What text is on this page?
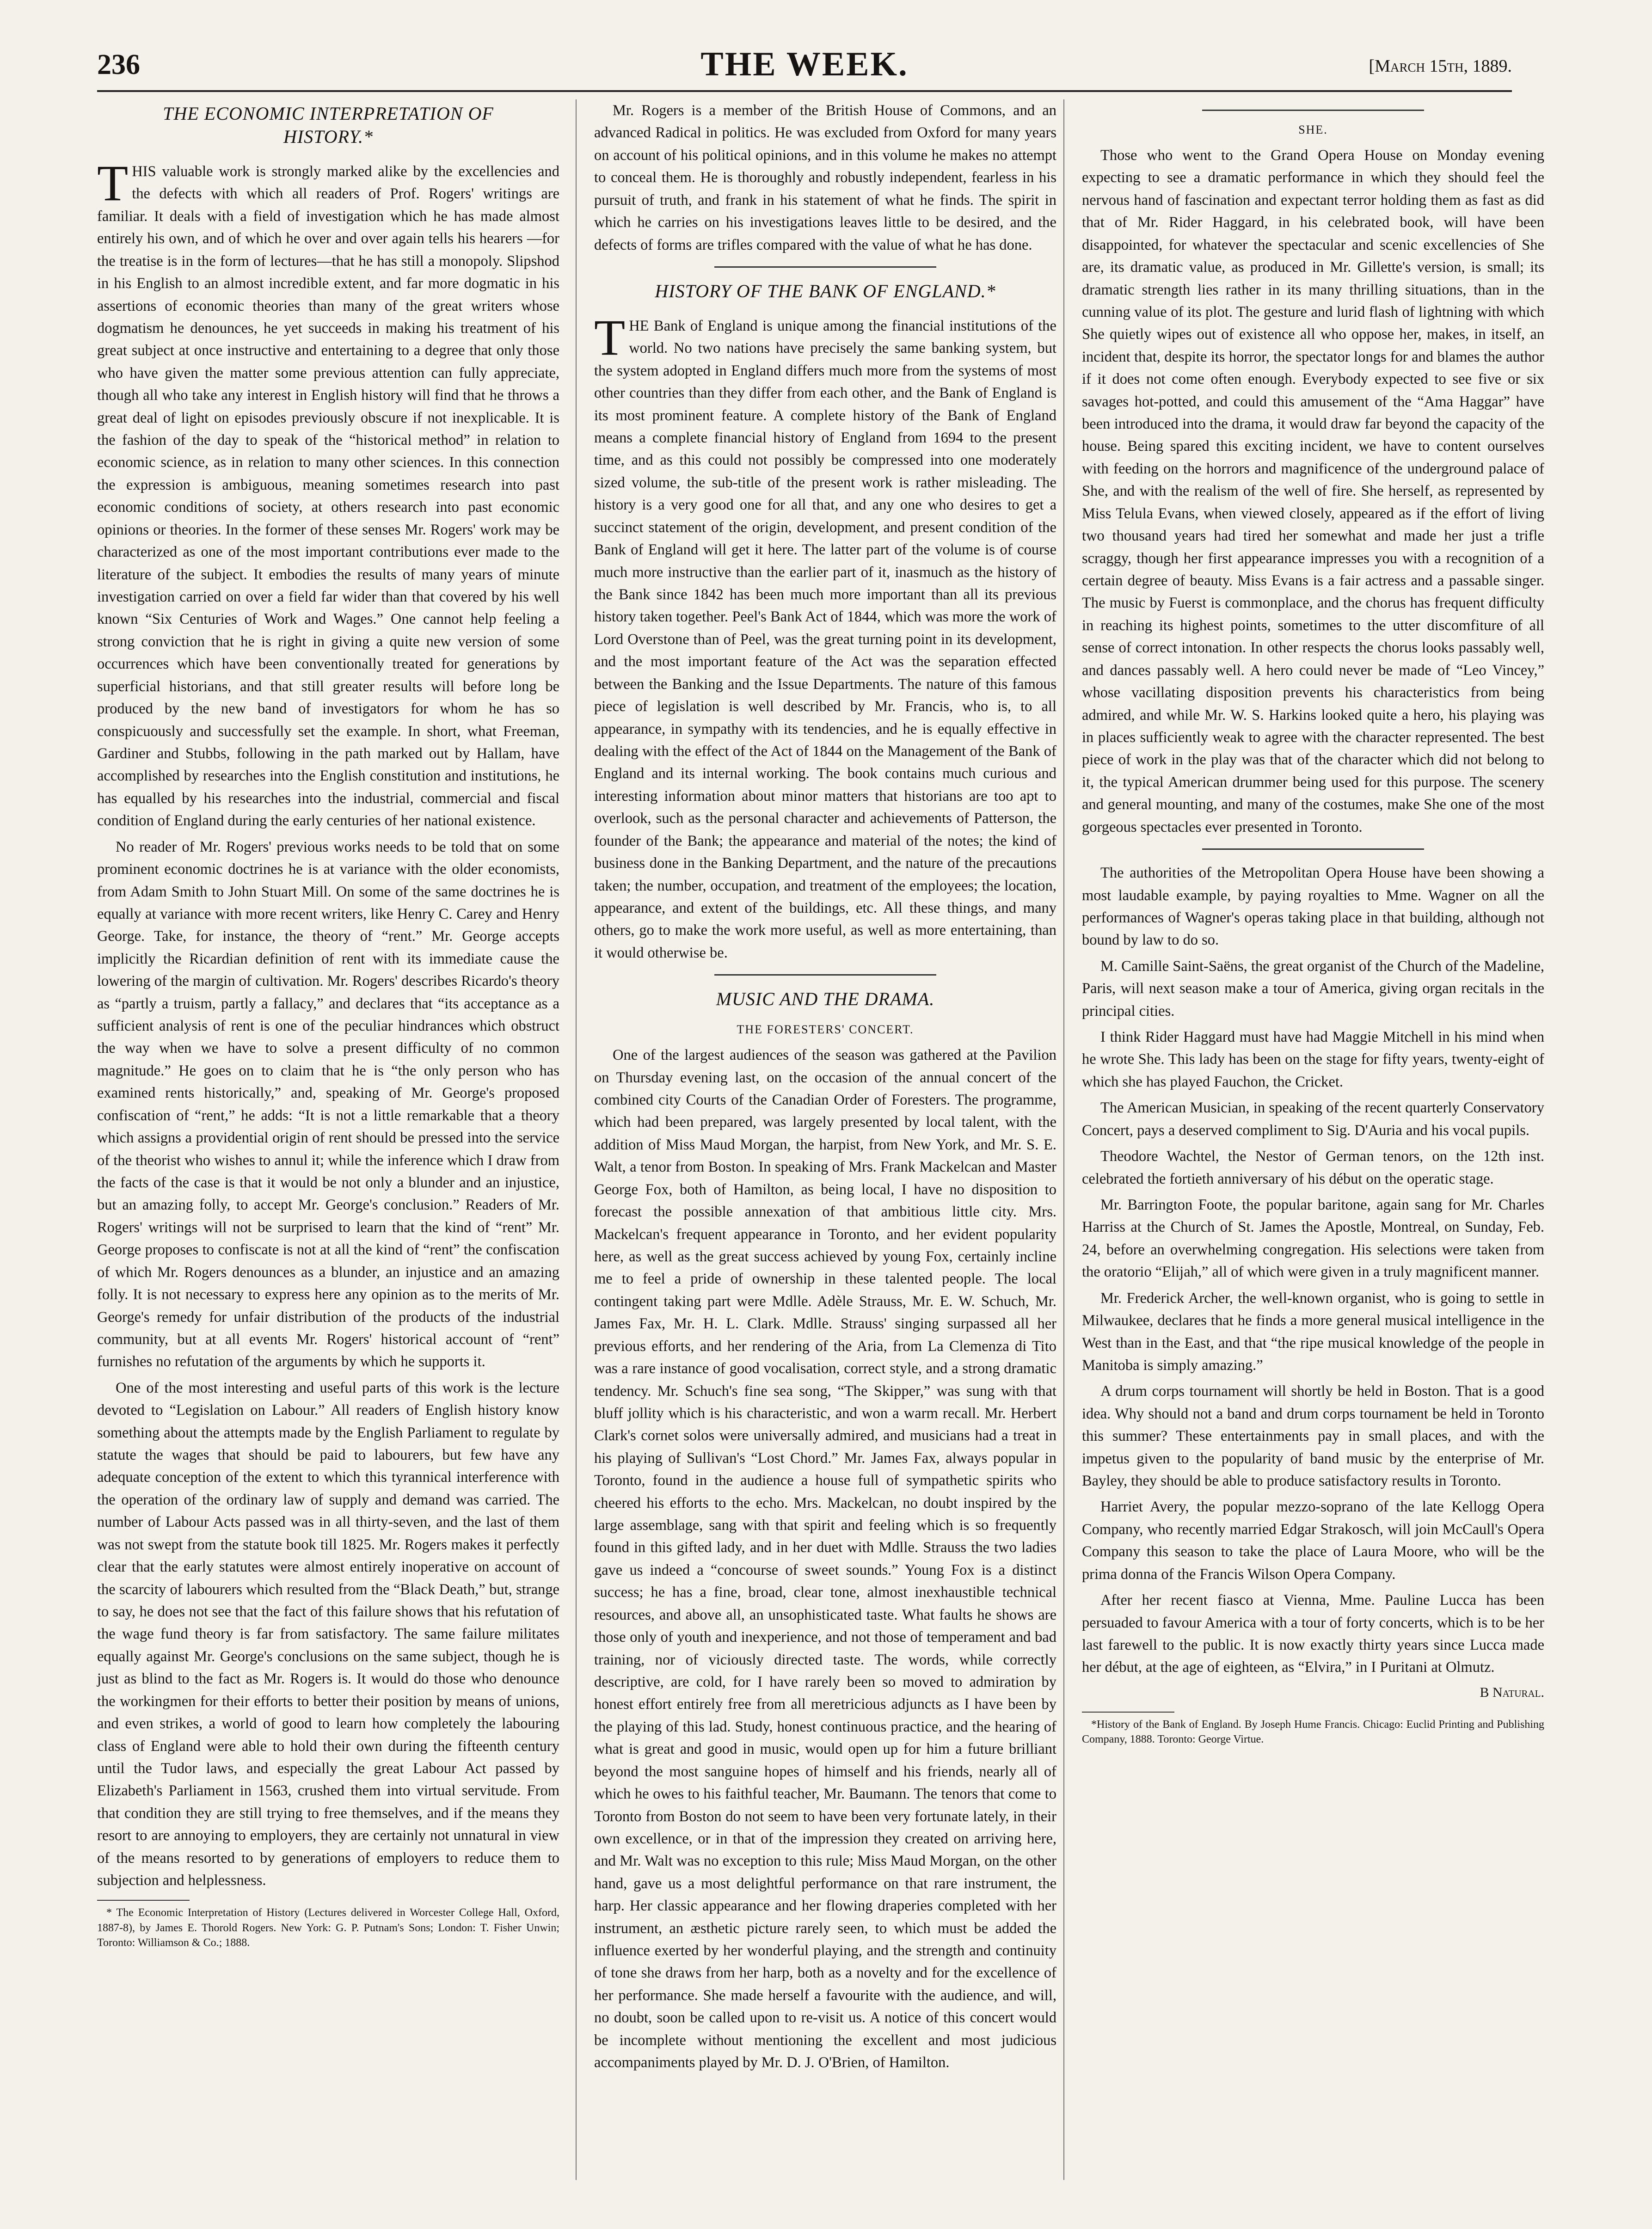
236	THE WEEK.	[March 15th, 1889.
THE ECONOMIC INTERPRETATION OF HISTORY.*

THIS valuable work is strongly marked alike by the excellencies and the defects with which all readers of Prof. Rogers' writings are familiar. It deals with a field of investigation which he has made almost entirely his own, and of which he over and over again tells his hearers —for the treatise is in the form of lectures—that he has still a monopoly. Slipshod in his English to an almost incredible extent, and far more dogmatic in his assertions of economic theories than many of the great writers whose dogmatism he denounces, he yet succeeds in making his treatment of his great subject at once instructive and entertaining to a degree that only those who have given the matter some previous attention can fully appreciate, though all who take any interest in English history will find that he throws a great deal of light on episodes previously obscure if not inexplicable. It is the fashion of the day to speak of the “historical method” in relation to economic science, as in relation to many other sciences. In this connection the expression is ambiguous, meaning sometimes research into past economic conditions of society, at others research into past economic opinions or theories. In the former of these senses Mr. Rogers' work may be characterized as one of the most important contributions ever made to the literature of the subject. It embodies the results of many years of minute investigation carried on over a field far wider than that covered by his well known “Six Centuries of Work and Wages.” One cannot help feeling a strong conviction that he is right in giving a quite new version of some occurrences which have been conventionally treated for generations by superficial historians, and that still greater results will before long be produced by the new band of investigators for whom he has so conspicuously and successfully set the example. In short, what Freeman, Gardiner and Stubbs, following in the path marked out by Hallam, have accomplished by researches into the English constitution and institutions, he has equalled by his researches into the industrial, commercial and fiscal condition of England during the early centuries of her national existence.

No reader of Mr. Rogers' previous works needs to be told that on some prominent economic doctrines he is at variance with the older economists, from Adam Smith to John Stuart Mill. On some of the same doctrines he is equally at variance with more recent writers, like Henry C. Carey and Henry George. Take, for instance, the theory of “rent.” Mr. George accepts implicitly the Ricardian definition of rent with its immediate cause the lowering of the margin of cultivation. Mr. Rogers' describes Ricardo's theory as “partly a truism, partly a fallacy,” and declares that “its acceptance as a sufficient analysis of rent is one of the peculiar hindrances which obstruct the way when we have to solve a present difficulty of no common magnitude.” He goes on to claim that he is “the only person who has examined rents historically,” and, speaking of Mr. George's proposed confiscation of “rent,” he adds: “It is not a little remarkable that a theory which assigns a providential origin of rent should be pressed into the service of the theorist who wishes to annul it; while the inference which I draw from the facts of the case is that it would be not only a blunder and an injustice, but an amazing folly, to accept Mr. George's conclusion.” Readers of Mr. Rogers' writings will not be surprised to learn that the kind of “rent” Mr. George proposes to confiscate is not at all the kind of “rent” the confiscation of which Mr. Rogers denounces as a blunder, an injustice and an amazing folly. It is not necessary to express here any opinion as to the merits of Mr. George's remedy for unfair distribution of the products of the industrial community, but at all events Mr. Rogers' historical account of “rent” furnishes no refutation of the arguments by which he supports it.

One of the most interesting and useful parts of this work is the lecture devoted to “Legislation on Labour.” All readers of English history know something about the attempts made by the English Parliament to regulate by statute the wages that should be paid to labourers, but few have any adequate conception of the extent to which this tyrannical interference with the operation of the ordinary law of supply and demand was carried. The number of Labour Acts passed was in all thirty-seven, and the last of them was not swept from the statute book till 1825. Mr. Rogers makes it perfectly clear that the early statutes were almost entirely inoperative on account of the scarcity of labourers which resulted from the “Black Death,” but, strange to say, he does not see that the fact of this failure shows that his refutation of the wage fund theory is far from satisfactory. The same failure militates equally against Mr. George's conclusions on the same subject, though he is just as blind to the fact as Mr. Rogers is. It would do those who denounce the workingmen for their efforts to better their position by means of unions, and even strikes, a world of good to learn how completely the labouring class of England were able to hold their own during the fifteenth century until the Tudor laws, and especially the great Labour Act passed by Elizabeth's Parliament in 1563, crushed them into virtual servitude. From that condition they are still trying to free themselves, and if the means they resort to are annoying to employers, they are certainly not unnatural in view of the means resorted to by generations of employers to reduce them to subjection and helplessness.

* The Economic Interpretation of History (Lectures delivered in Worcester College Hall, Oxford, 1887-8), by James E. Thorold Rogers. New York: G. P. Putnam's Sons; London: T. Fisher Unwin; Toronto: Williamson & Co.; 1888.

Mr. Rogers is a member of the British House of Commons, and an advanced Radical in politics. He was excluded from Oxford for many years on account of his political opinions, and in this volume he makes no attempt to conceal them. He is thoroughly and robustly independent, fearless in his pursuit of truth, and frank in his statement of what he finds. The spirit in which he carries on his investigations leaves little to be desired, and the defects of forms are trifles compared with the value of what he has done.

HISTORY OF THE BANK OF ENGLAND.*

THE Bank of England is unique among the financial institutions of the world. No two nations have precisely the same banking system, but the system adopted in England differs much more from the systems of most other countries than they differ from each other, and the Bank of England is its most prominent feature. A complete history of the Bank of England means a complete financial history of England from 1694 to the present time, and as this could not possibly be compressed into one moderately sized volume, the sub-title of the present work is rather misleading. The history is a very good one for all that, and any one who desires to get a succinct statement of the origin, development, and present condition of the Bank of England will get it here. The latter part of the volume is of course much more instructive than the earlier part of it, inasmuch as the history of the Bank since 1842 has been much more important than all its previous history taken together. Peel's Bank Act of 1844, which was more the work of Lord Overstone than of Peel, was the great turning point in its development, and the most important feature of the Act was the separation effected between the Banking and the Issue Departments. The nature of this famous piece of legislation is well described by Mr. Francis, who is, to all appearance, in sympathy with its tendencies, and he is equally effective in dealing with the effect of the Act of 1844 on the Management of the Bank of England and its internal working. The book contains much curious and interesting information about minor matters that historians are too apt to overlook, such as the personal character and achievements of Patterson, the founder of the Bank; the appearance and material of the notes; the kind of business done in the Banking Department, and the nature of the precautions taken; the number, occupation, and treatment of the employees; the location, appearance, and extent of the buildings, etc. All these things, and many others, go to make the work more useful, as well as more entertaining, than it would otherwise be.

MUSIC AND THE DRAMA.
THE FORESTERS' CONCERT.

One of the largest audiences of the season was gathered at the Pavilion on Thursday evening last, on the occasion of the annual concert of the combined city Courts of the Canadian Order of Foresters. The programme, which had been prepared, was largely presented by local talent, with the addition of Miss Maud Morgan, the harpist, from New York, and Mr. S. E. Walt, a tenor from Boston. In speaking of Mrs. Frank Mackelcan and Master George Fox, both of Hamilton, as being local, I have no disposition to forecast the possible annexation of that ambitious little city. Mrs. Mackelcan's frequent appearance in Toronto, and her evident popularity here, as well as the great success achieved by young Fox, certainly incline me to feel a pride of ownership in these talented people. The local contingent taking part were Mdlle. Adèle Strauss, Mr. E. W. Schuch, Mr. James Fax, Mr. H. L. Clark. Mdlle. Strauss' singing surpassed all her previous efforts, and her rendering of the Aria, from La Clemenza di Tito was a rare instance of good vocalisation, correct style, and a strong dramatic tendency. Mr. Schuch's fine sea song, “The Skipper,” was sung with that bluff jollity which is his characteristic, and won a warm recall. Mr. Herbert Clark's cornet solos were universally admired, and musicians had a treat in his playing of Sullivan's “Lost Chord.” Mr. James Fax, always popular in Toronto, found in the audience a house full of sympathetic spirits who cheered his efforts to the echo. Mrs. Mackelcan, no doubt inspired by the large assemblage, sang with that spirit and feeling which is so frequently found in this gifted lady, and in her duet with Mdlle. Strauss the two ladies gave us indeed a “concourse of sweet sounds.” Young Fox is a distinct success; he has a fine, broad, clear tone, almost inexhaustible technical resources, and above all, an unsophisticated taste. What faults he shows are those only of youth and inexperience, and not those of temperament and bad training, nor of viciously directed taste. The words, while correctly descriptive, are cold, for I have rarely been so moved to admiration by honest effort entirely free from all meretricious adjuncts as I have been by the playing of this lad. Study, honest continuous practice, and the hearing of what is great and good in music, would open up for him a future brilliant beyond the most sanguine hopes of himself and his friends, nearly all of which he owes to his faithful teacher, Mr. Baumann. The tenors that come to Toronto from Boston do not seem to have been very fortunate lately, in their own excellence, or in that of the impression they created on arriving here, and Mr. Walt was no exception to this rule; Miss Maud Morgan, on the other hand, gave us a most delightful performance on that rare instrument, the harp. Her classic appearance and her flowing draperies completed with her instrument, an æsthetic picture rarely seen, to which must be added the influence exerted by her wonderful playing, and the strength and continuity of tone she draws from her harp, both as a novelty and for the excellence of her performance. She made herself a favourite with the audience, and will, no doubt, soon be called upon to re-visit us. A notice of this concert would be incomplete without mentioning the excellent and most judicious accompaniments played by Mr. D. J. O'Brien, of Hamilton.

SHE.

Those who went to the Grand Opera House on Monday evening expecting to see a dramatic performance in which they should feel the nervous hand of fascination and expectant terror holding them as fast as did that of Mr. Rider Haggard, in his celebrated book, will have been disappointed, for whatever the spectacular and scenic excellencies of She are, its dramatic value, as produced in Mr. Gillette's version, is small; its dramatic strength lies rather in its many thrilling situations, than in the cunning value of its plot. The gesture and lurid flash of lightning with which She quietly wipes out of existence all who oppose her, makes, in itself, an incident that, despite its horror, the spectator longs for and blames the author if it does not come often enough. Everybody expected to see five or six savages hot-potted, and could this amusement of the “Ama Haggar” have been introduced into the drama, it would draw far beyond the capacity of the house. Being spared this exciting incident, we have to content ourselves with feeding on the horrors and magnificence of the underground palace of She, and with the realism of the well of fire. She herself, as represented by Miss Telula Evans, when viewed closely, appeared as if the effort of living two thousand years had tired her somewhat and made her just a trifle scraggy, though her first appearance impresses you with a recognition of a certain degree of beauty. Miss Evans is a fair actress and a passable singer. The music by Fuerst is commonplace, and the chorus has frequent difficulty in reaching its highest points, sometimes to the utter discomfiture of all sense of correct intonation. In other respects the chorus looks passably well, and dances passably well. A hero could never be made of “Leo Vincey,” whose vacillating disposition prevents his characteristics from being admired, and while Mr. W. S. Harkins looked quite a hero, his playing was in places sufficiently weak to agree with the character represented. The best piece of work in the play was that of the character which did not belong to it, the typical American drummer being used for this purpose. The scenery and general mounting, and many of the costumes, make She one of the most gorgeous spectacles ever presented in Toronto.

The authorities of the Metropolitan Opera House have been showing a most laudable example, by paying royalties to Mme. Wagner on all the performances of Wagner's operas taking place in that building, although not bound by law to do so.

M. Camille Saint-Saëns, the great organist of the Church of the Madeline, Paris, will next season make a tour of America, giving organ recitals in the principal cities.

I think Rider Haggard must have had Maggie Mitchell in his mind when he wrote She. This lady has been on the stage for fifty years, twenty-eight of which she has played Fauchon, the Cricket.

The American Musician, in speaking of the recent quarterly Conservatory Concert, pays a deserved compliment to Sig. D'Auria and his vocal pupils.

Theodore Wachtel, the Nestor of German tenors, on the 12th inst. celebrated the fortieth anniversary of his début on the operatic stage.

Mr. Barrington Foote, the popular baritone, again sang for Mr. Charles Harriss at the Church of St. James the Apostle, Montreal, on Sunday, Feb. 24, before an overwhelming congregation. His selections were taken from the oratorio “Elijah,” all of which were given in a truly magnificent manner.

Mr. Frederick Archer, the well-known organist, who is going to settle in Milwaukee, declares that he finds a more general musical intelligence in the West than in the East, and that “the ripe musical knowledge of the people in Manitoba is simply amazing.”

A drum corps tournament will shortly be held in Boston. That is a good idea. Why should not a band and drum corps tournament be held in Toronto this summer? These entertainments pay in small places, and with the impetus given to the popularity of band music by the enterprise of Mr. Bayley, they should be able to produce satisfactory results in Toronto.

Harriet Avery, the popular mezzo-soprano of the late Kellogg Opera Company, who recently married Edgar Strakosch, will join McCaull's Opera Company this season to take the place of Laura Moore, who will be the prima donna of the Francis Wilson Opera Company.

After her recent fiasco at Vienna, Mme. Pauline Lucca has been persuaded to favour America with a tour of forty concerts, which is to be her last farewell to the public. It is now exactly thirty years since Lucca made her début, at the age of eighteen, as “Elvira,” in I Puritani at Olmutz.

B Natural.

*History of the Bank of England. By Joseph Hume Francis. Chicago: Euclid Printing and Publishing Company, 1888. Toronto: George Virtue.
